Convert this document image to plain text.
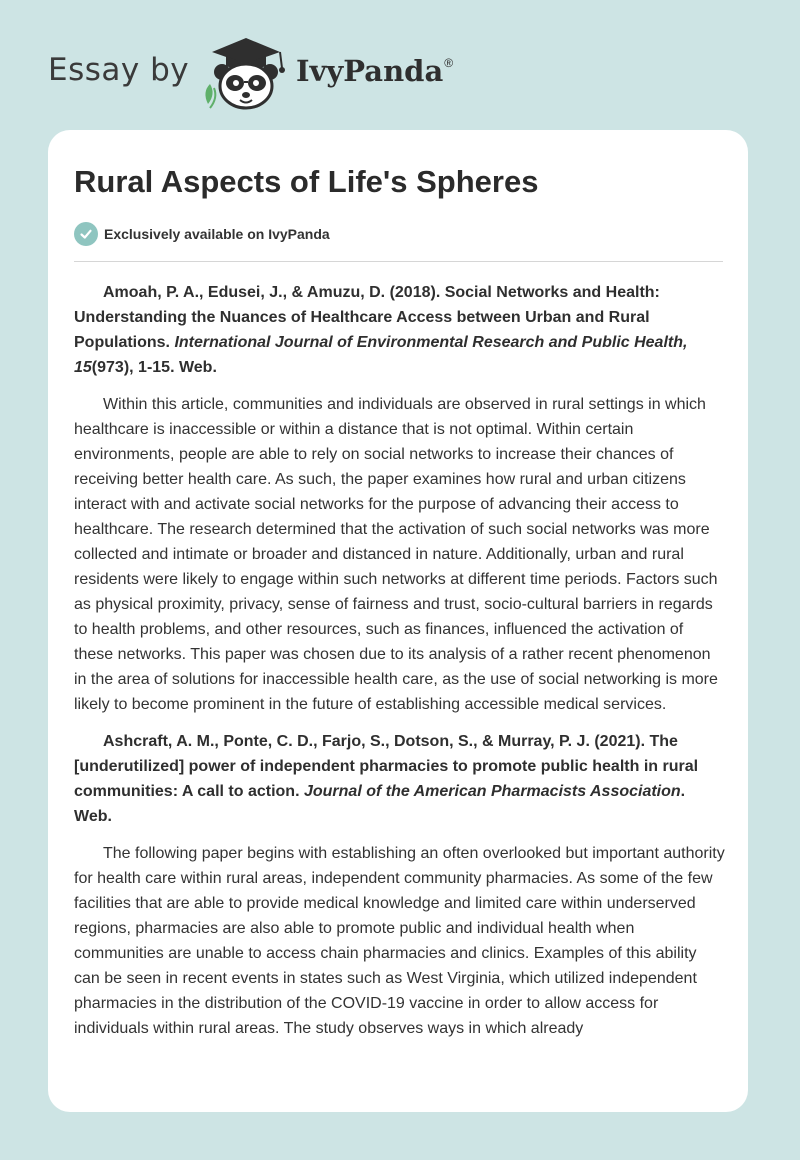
Essay by	IvyPanda®
Rural Aspects of Life's Spheres
Exclusively available on IvyPanda

Amoah, P. A., Edusei, J., & Amuzu, D. (2018). Social Networks and Health: Understanding the Nuances of Healthcare Access between Urban and Rural Populations. International Journal of Environmental Research and Public Health, 15(973), 1-15. Web.

Within this article, communities and individuals are observed in rural settings in which healthcare is inaccessible or within a distance that is not optimal. Within certain environments, people are able to rely on social networks to increase their chances of receiving better health care. As such, the paper examines how rural and urban citizens interact with and activate social networks for the purpose of advancing their access to healthcare. The research determined that the activation of such social networks was more collected and intimate or broader and distanced in nature. Additionally, urban and rural residents were likely to engage within such networks at different time periods. Factors such as physical proximity, privacy, sense of fairness and trust, socio-cultural barriers in regards to health problems, and other resources, such as finances, influenced the activation of these networks. This paper was chosen due to its analysis of a rather recent phenomenon in the area of solutions for inaccessible health care, as the use of social networking is more likely to become prominent in the future of establishing accessible medical services.

Ashcraft, A. M., Ponte, C. D., Farjo, S., Dotson, S., & Murray, P. J. (2021). The [underutilized] power of independent pharmacies to promote public health in rural communities: A call to action. Journal of the American Pharmacists Association. Web.

The following paper begins with establishing an often overlooked but important authority for health care within rural areas, independent community pharmacies. As some of the few facilities that are able to provide medical knowledge and limited care within underserved regions, pharmacies are also able to promote public and individual health when communities are unable to access chain pharmacies and clinics. Examples of this ability can be seen in recent events in states such as West Virginia, which utilized independent pharmacies in the distribution of the COVID-19 vaccine in order to allow access for individuals within rural areas. The study observes ways in which already
